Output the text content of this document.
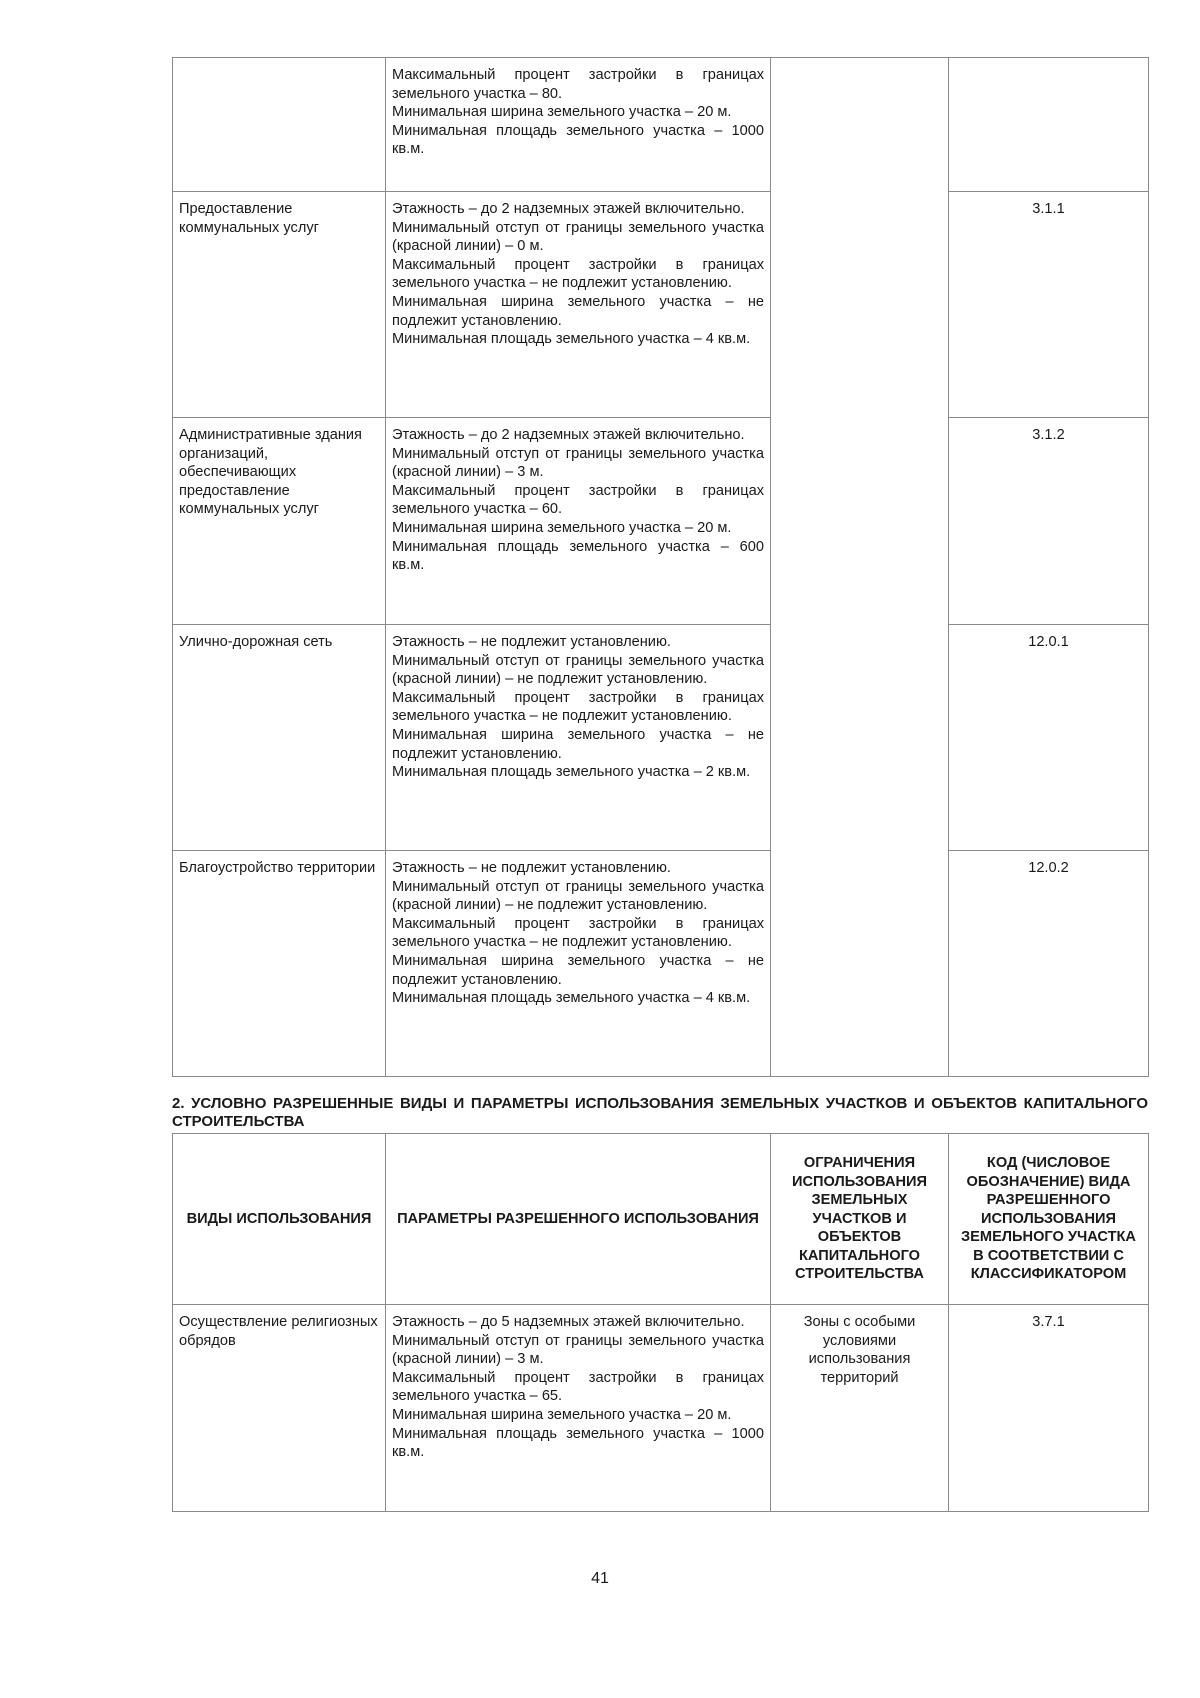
	Максимальный процент застройки в границах земельного участка – 80.
Минимальная ширина земельного участка – 20 м.
Минимальная площадь земельного участка – 1000 кв.м.		

Предоставление коммунальных услуг	Этажность – до 2 надземных этажей включительно.
Минимальный отступ от границы земельного участка (красной линии) – 0 м.
Максимальный процент застройки в границах земельного участка – не подлежит установлению.
Минимальная ширина земельного участка – не подлежит установлению.
Минимальная площадь земельного участка – 4 кв.м.		3.1.1
Административные здания организаций, обеспечивающих предоставление коммунальных услуг	Этажность – до 2 надземных этажей включительно.
Минимальный отступ от границы земельного участка (красной линии) – 3 м.
Максимальный процент застройки в границах земельного участка – 60.
Минимальная ширина земельного участка – 20 м.
Минимальная площадь земельного участка – 600 кв.м.		3.1.2
Улично-дорожная сеть	Этажность – не подлежит установлению.
Минимальный отступ от границы земельного участка (красной линии) – не подлежит установлению.
Максимальный процент застройки в границах земельного участка – не подлежит установлению.
Минимальная ширина земельного участка – не подлежит установлению.
Минимальная площадь земельного участка – 2 кв.м.		12.0.1
Благоустройство территории	Этажность – не подлежит установлению.
Минимальный отступ от границы земельного участка (красной линии) – не подлежит установлению.
Максимальный процент застройки в границах земельного участка – не подлежит установлению.
Минимальная ширина земельного участка – не подлежит установлению.
Минимальная площадь земельного участка – 4 кв.м.		12.0.2
2. УСЛОВНО РАЗРЕШЕННЫЕ ВИДЫ И ПАРАМЕТРЫ ИСПОЛЬЗОВАНИЯ ЗЕМЕЛЬНЫХ УЧАСТКОВ И ОБЪЕКТОВ КАПИТАЛЬНОГО СТРОИТЕЛЬСТВА
ВИДЫ ИСПОЛЬЗОВАНИЯ	ПАРАМЕТРЫ РАЗРЕШЕННОГО ИСПОЛЬЗОВАНИЯ	ОГРАНИЧЕНИЯ ИСПОЛЬЗОВАНИЯ ЗЕМЕЛЬНЫХ УЧАСТКОВ И ОБЪЕКТОВ КАПИТАЛЬНОГО СТРОИТЕЛЬСТВА	КОД (ЧИСЛОВОЕ ОБОЗНАЧЕНИЕ) ВИДА РАЗРЕШЕННОГО ИСПОЛЬЗОВАНИЯ ЗЕМЕЛЬНОГО УЧАСТКА В СООТВЕТСТВИИ С КЛАССИФИКАТОРОМ
Осуществление религиозных обрядов	Этажность – до 5 надземных этажей включительно.
Минимальный отступ от границы земельного участка (красной линии) – 3 м.
Максимальный процент застройки в границах земельного участка – 65.
Минимальная ширина земельного участка – 20 м.
Минимальная площадь земельного участка – 1000 кв.м.	Зоны с особыми условиями использования территорий	3.7.1
41
